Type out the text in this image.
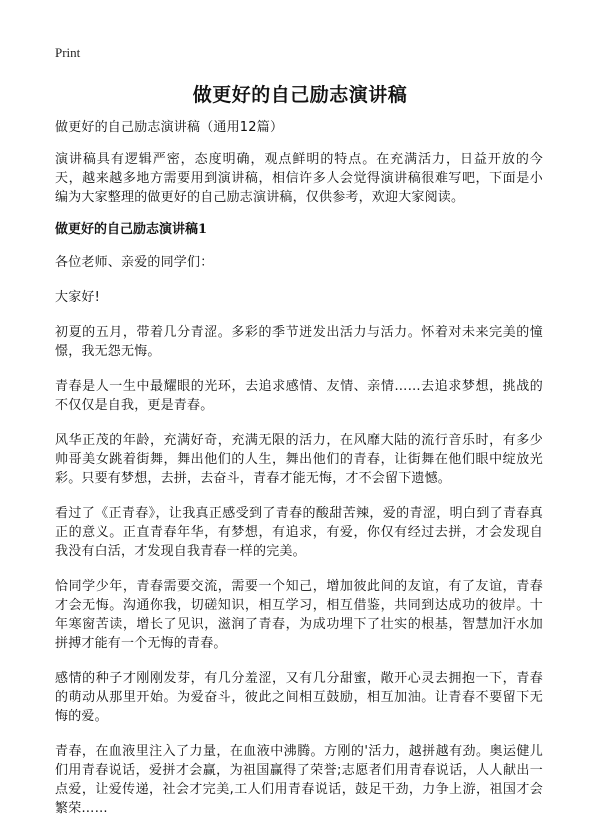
Print
做更好的自己励志演讲稿

做更好的自己励志演讲稿（通用12篇）

演讲稿具有逻辑严密，态度明确，观点鲜明的特点。在充满活力，日益开放的今天，越来越多地方需要用到演讲稿，相信许多人会觉得演讲稿很难写吧，下面是小编为大家整理的做更好的自己励志演讲稿，仅供参考，欢迎大家阅读。

做更好的自己励志演讲稿1

各位老师、亲爱的同学们：

大家好!

初夏的五月，带着几分青涩。多彩的季节迸发出活力与活力。怀着对未来完美的憧憬，我无怨无悔。

青春是人一生中最耀眼的光环，去追求感情、友情、亲情……去追求梦想，挑战的不仅仅是自我，更是青春。

风华正茂的年龄，充满好奇，充满无限的活力，在风靡大陆的流行音乐时，有多少帅哥美女跳着街舞，舞出他们的人生，舞出他们的青春，让街舞在他们眼中绽放光彩。只要有梦想，去拼，去奋斗，青春才能无悔，才不会留下遗憾。

看过了《正青春》，让我真正感受到了青春的酸甜苦辣，爱的青涩，明白到了青春真正的意义。正直青春年华，有梦想，有追求，有爱，你仅有经过去拼，才会发现自我没有白活，才发现自我青春一样的完美。

恰同学少年，青春需要交流，需要一个知己，增加彼此间的友谊，有了友谊，青春才会无悔。沟通你我，切磋知识，相互学习，相互借鉴，共同到达成功的彼岸。十年寒窗苦读，增长了见识，滋润了青春，为成功埋下了壮实的根基，智慧加汗水加拼搏才能有一个无悔的青春。

感情的种子才刚刚发芽，有几分羞涩，又有几分甜蜜，敞开心灵去拥抱一下，青春的萌动从那里开始。为爱奋斗，彼此之间相互鼓励，相互加油。让青春不要留下无悔的爱。

青春，在血液里注入了力量，在血液中沸腾。方刚的'活力，越拼越有劲。奥运健儿们用青春说话，爱拼才会赢，为祖国赢得了荣誉;志愿者们用青春说话，人人献出一点爱，让爱传递，社会才完美,工人们用青春说话，鼓足干劲，力争上游，祖国才会繁荣……
